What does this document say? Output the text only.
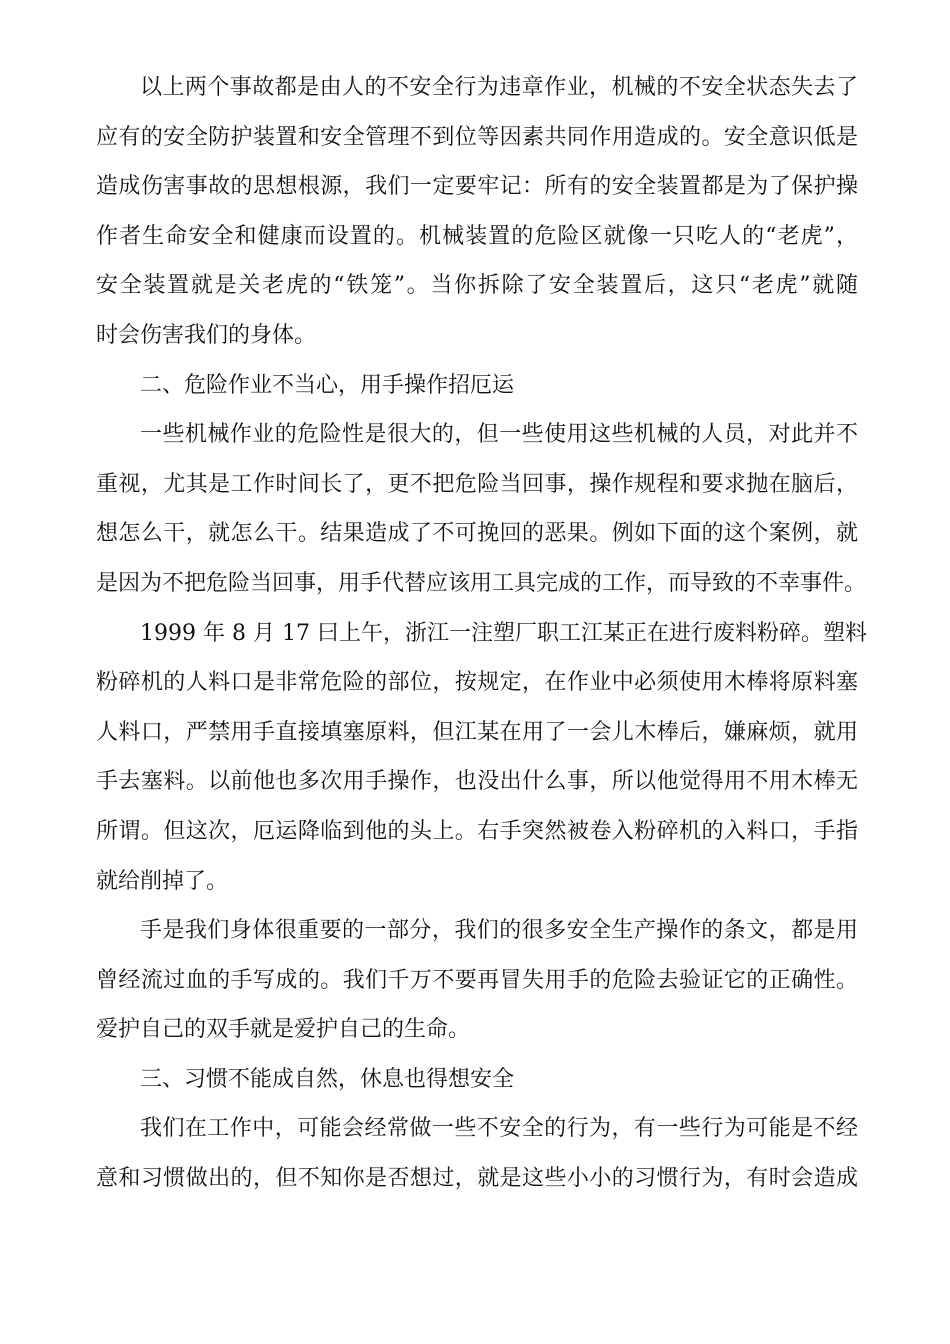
以上两个事故都是由人的不安全行为违章作业，机械的不安全状态失去了
应有的安全防护装置和安全管理不到位等因素共同作用造成的。安全意识低是
造成伤害事故的思想根源，我们一定要牢记：所有的安全装置都是为了保护操
作者生命安全和健康而设置的。机械装置的危险区就像一只吃人的“老虎”，
安全装置就是关老虎的“铁笼”。当你拆除了安全装置后，这只“老虎”就随
时会伤害我们的身体。
二、危险作业不当心，用手操作招厄运
一些机械作业的危险性是很大的，但一些使用这些机械的人员，对此并不
重视，尤其是工作时间长了，更不把危险当回事，操作规程和要求抛在脑后，
想怎么干，就怎么干。结果造成了不可挽回的恶果。例如下面的这个案例，就
是因为不把危险当回事，用手代替应该用工具完成的工作，而导致的不幸事件。
1999 年 8 月 17 曰上午，浙江一注塑厂职工江某正在进行废料粉碎。塑料
粉碎机的人料口是非常危险的部位，按规定，在作业中必须使用木棒将原料塞
人料口，严禁用手直接填塞原料，但江某在用了一会儿木棒后，嫌麻烦，就用
手去塞料。以前他也多次用手操作，也没出什么事，所以他觉得用不用木棒无
所谓。但这次，厄运降临到他的头上。右手突然被卷入粉碎机的入料口，手指
就给削掉了。
手是我们身体很重要的一部分，我们的很多安全生产操作的条文，都是用
曾经流过血的手写成的。我们千万不要再冒失用手的危险去验证它的正确性。
爱护自己的双手就是爱护自己的生命。
三、习惯不能成自然，休息也得想安全
我们在工作中，可能会经常做一些不安全的行为，有一些行为可能是不经
意和习惯做出的，但不知你是否想过，就是这些小小的习惯行为，有时会造成
